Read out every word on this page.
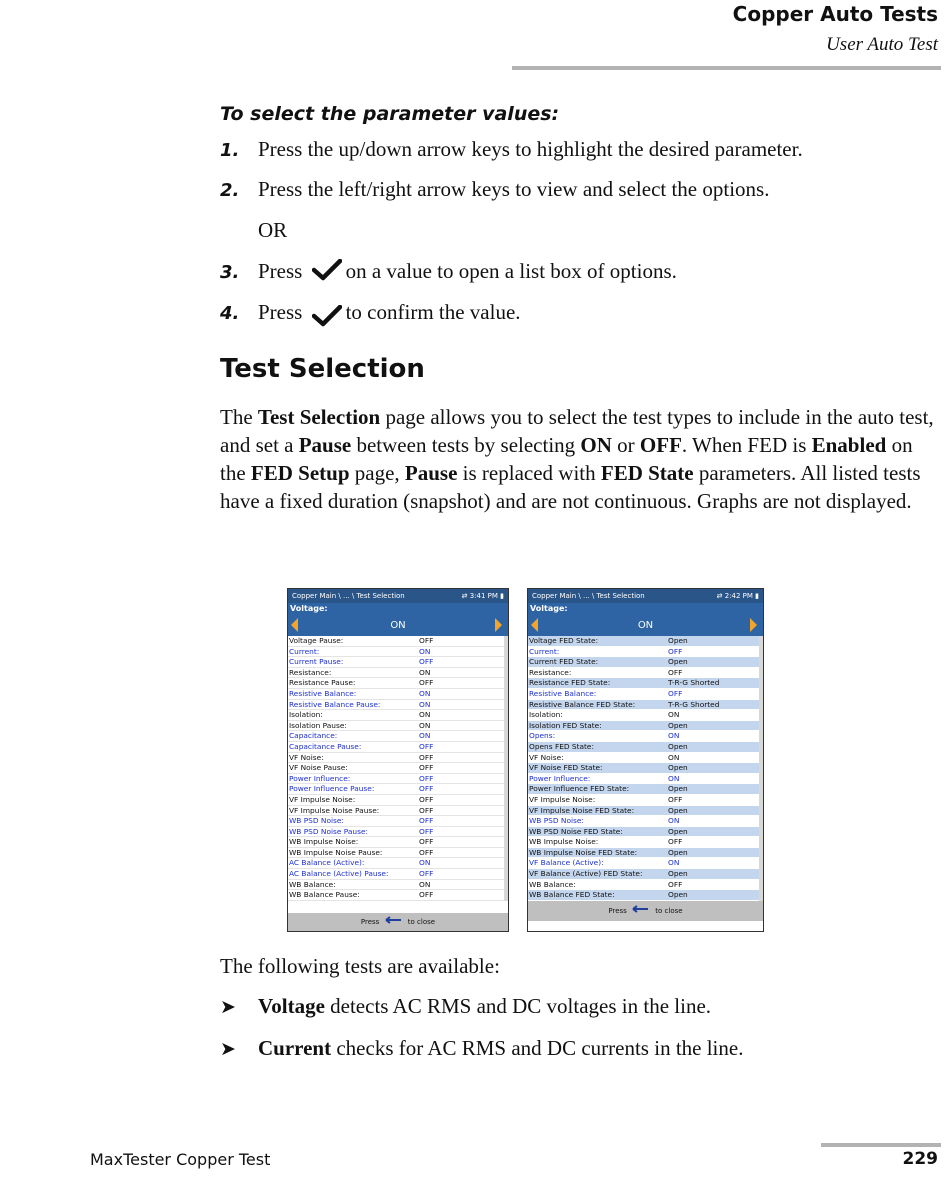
Copper Auto Tests
User Auto Test
To select the parameter values:
1. Press the up/down arrow keys to highlight the desired parameter.
2. Press the left/right arrow keys to view and select the options.
OR
3. Press on a value to open a list box of options.
4. Press to confirm the value.
Test Selection
The Test Selection page allows you to select the test types to include in the auto test, and set a Pause between tests by selecting ON or OFF. When FED is Enabled on the FED Setup page, Pause is replaced with FED State parameters. All listed tests have a fixed duration (snapshot) and are not continuous. Graphs are not displayed.
Copper Main \ ... \ Test Selection	⇄ 3:41 PM ▮
Voltage:
ON
Voltage Pause:	OFF
Current:	ON
Current Pause:	OFF
Resistance:	ON
Resistance Pause:	OFF
Resistive Balance:	ON
Resistive Balance Pause:	ON
Isolation:	ON
Isolation Pause:	ON
Capacitance:	ON
Capacitance Pause:	OFF
VF Noise:	OFF
VF Noise Pause:	OFF
Power Influence:	OFF
Power Influence Pause:	OFF
VF Impulse Noise:	OFF
VF Impulse Noise Pause:	OFF
WB PSD Noise:	OFF
WB PSD Noise Pause:	OFF
WB Impulse Noise:	OFF
WB Impulse Noise Pause:	OFF
AC Balance (Active):	ON
AC Balance (Active) Pause:	OFF
WB Balance:	ON
WB Balance Pause:	OFF
Press	to close
Copper Main \ ... \ Test Selection	⇄ 2:42 PM ▮
Voltage:
ON
Voltage FED State:	Open
Current:	OFF
Current FED State:	Open
Resistance:	OFF
Resistance FED State:	T-R-G Shorted
Resistive Balance:	OFF
Resistive Balance FED State:	T-R-G Shorted
Isolation:	ON
Isolation FED State:	Open
Opens:	ON
Opens FED State:	Open
VF Noise:	ON
VF Noise FED State:	Open
Power Influence:	ON
Power Influence FED State:	Open
VF Impulse Noise:	OFF
VF Impulse Noise FED State:	Open
WB PSD Noise:	ON
WB PSD Noise FED State:	Open
WB Impulse Noise:	OFF
WB Impulse Noise FED State:	Open
VF Balance (Active):	ON
VF Balance (Active) FED State:	Open
WB Balance:	OFF
WB Balance FED State:	Open
Press	to close
The following tests are available:
➤ Voltage detects AC RMS and DC voltages in the line.
➤ Current checks for AC RMS and DC currents in the line.
MaxTester Copper Test	229
